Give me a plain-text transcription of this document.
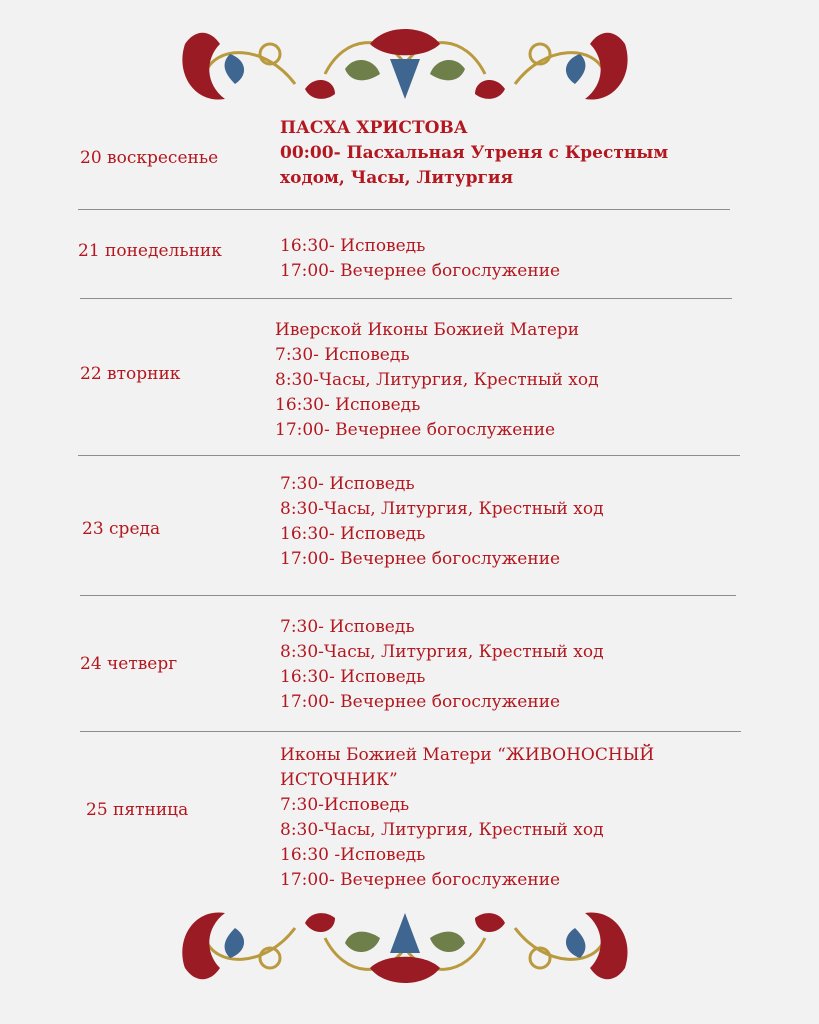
20 воскресенье
ПАСХА ХРИСТОВА
00:00- Пасхальная Утреня с Крестным
ходом, Часы, Литургия
21 понедельник	16:30- Исповедь
17:00- Вечернее богослужение
22 вторник
Иверской Иконы Божией Матери
7:30- Исповедь
8:30-Часы, Литургия, Крестный ход
16:30- Исповедь
17:00- Вечернее богослужение
23 среда
7:30- Исповедь
8:30-Часы, Литургия, Крестный ход
16:30- Исповедь
17:00- Вечернее богослужение
24 четверг
7:30- Исповедь
8:30-Часы, Литургия, Крестный ход
16:30- Исповедь
17:00- Вечернее богослужение
25 пятница
Иконы Божией Матери “ЖИВОНОСНЫЙ
ИСТОЧНИК”
7:30-Исповедь
8:30-Часы, Литургия, Крестный ход
16:30 -Исповедь
17:00- Вечернее богослужение
